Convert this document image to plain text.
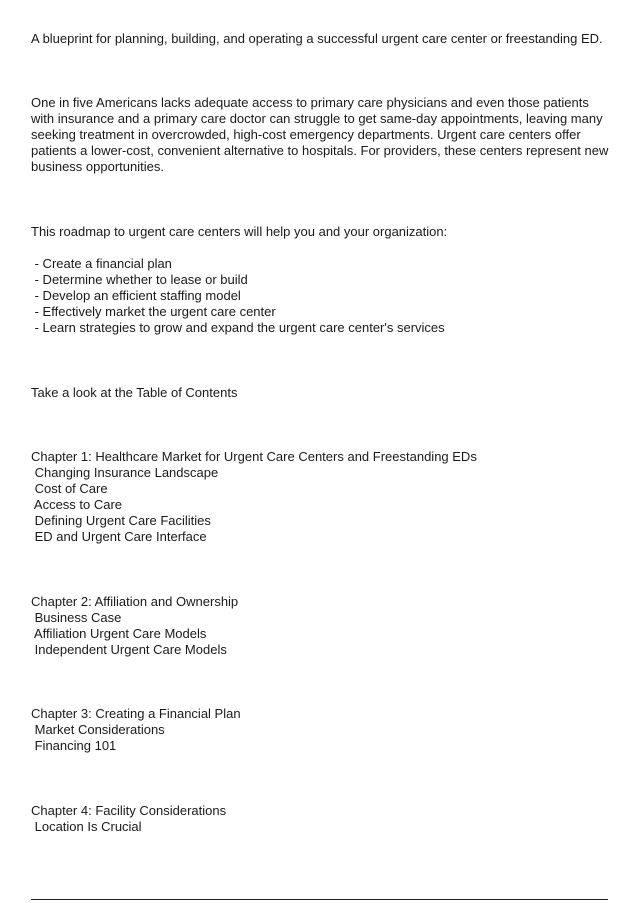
A blueprint for planning, building, and operating a successful urgent care center or freestanding ED.

One in five Americans lacks adequate access to primary care physicians and even those patients
with insurance and a primary care doctor can struggle to get same-day appointments, leaving many
seeking treatment in overcrowded, high-cost emergency departments. Urgent care centers offer
patients a lower-cost, convenient alternative to hospitals. For providers, these centers represent new
business opportunities.

This roadmap to urgent care centers will help you and your organization:

- Create a financial plan

- Determine whether to lease or build

- Develop an efficient staffing model

- Effectively market the urgent care center

- Learn strategies to grow and expand the urgent care center's services

Take a look at the Table of Contents

Chapter 1: Healthcare Market for Urgent Care Centers and Freestanding EDs

Changing Insurance Landscape

Cost of Care

Access to Care

Defining Urgent Care Facilities

ED and Urgent Care Interface

Chapter 2: Affiliation and Ownership

Business Case

Affiliation Urgent Care Models

Independent Urgent Care Models

Chapter 3: Creating a Financial Plan

Market Considerations

Financing 101

Chapter 4: Facility Considerations

Location Is Crucial
